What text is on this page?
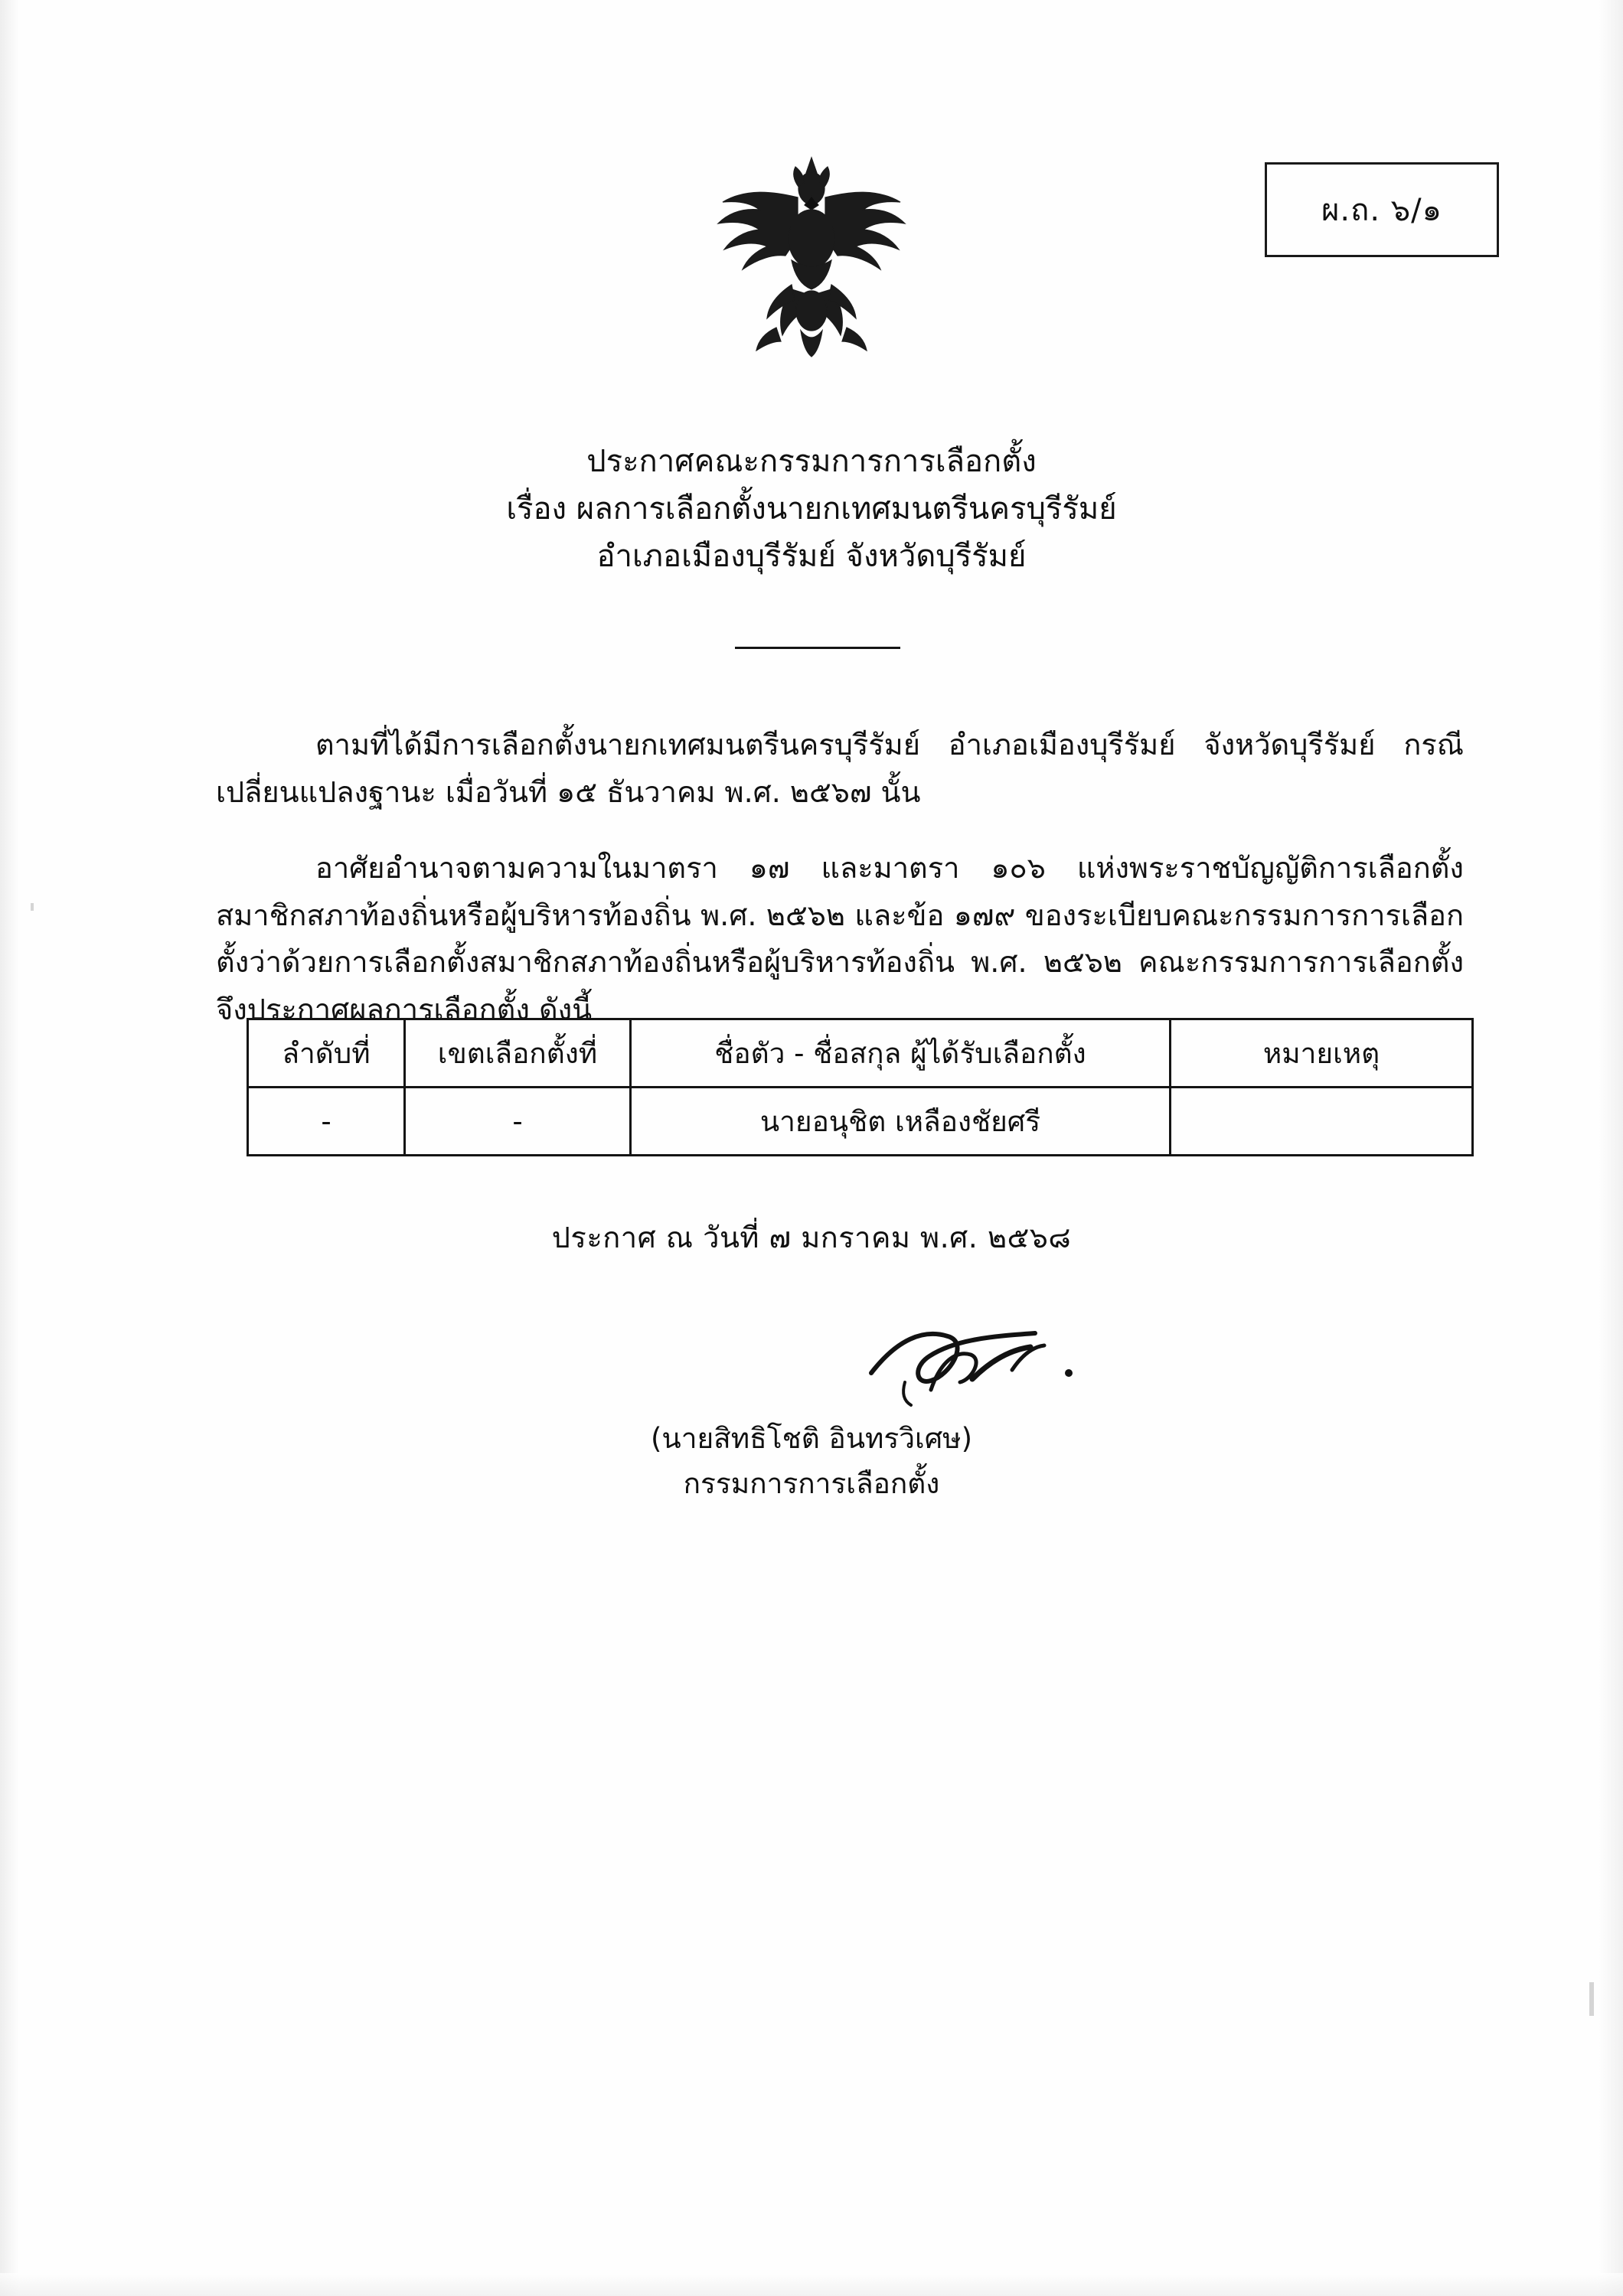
ผ.ถ. ๖/๑
ประกาศคณะกรรมการการเลือกตั้ง
เรื่อง ผลการเลือกตั้งนายกเทศมนตรีนครบุรีรัมย์
อำเภอเมืองบุรีรัมย์ จังหวัดบุรีรัมย์

ตามที่ได้มีการเลือกตั้งนายกเทศมนตรีนครบุรีรัมย์ อำเภอเมืองบุรีรัมย์ จังหวัดบุรีรัมย์ กรณีเปลี่ยนแปลงฐานะ เมื่อวันที่ ๑๕ ธันวาคม พ.ศ. ๒๕๖๗ นั้น

อาศัยอำนาจตามความในมาตรา ๑๗ และมาตรา ๑๐๖ แห่งพระราชบัญญัติการเลือกตั้งสมาชิกสภาท้องถิ่นหรือผู้บริหารท้องถิ่น พ.ศ. ๒๕๖๒ และข้อ ๑๗๙ ของระเบียบคณะกรรมการการเลือกตั้งว่าด้วยการเลือกตั้งสมาชิกสภาท้องถิ่นหรือผู้บริหารท้องถิ่น พ.ศ. ๒๕๖๒ คณะกรรมการการเลือกตั้งจึงประกาศผลการเลือกตั้ง ดังนี้

ลำดับที่	เขตเลือกตั้งที่	ชื่อตัว - ชื่อสกุล ผู้ได้รับเลือกตั้ง	หมายเหตุ
-	-	นายอนุชิต เหลืองชัยศรี	
ประกาศ ณ วันที่ ๗ มกราคม พ.ศ. ๒๕๖๘
(นายสิทธิโชติ อินทรวิเศษ)
กรรมการการเลือกตั้ง
